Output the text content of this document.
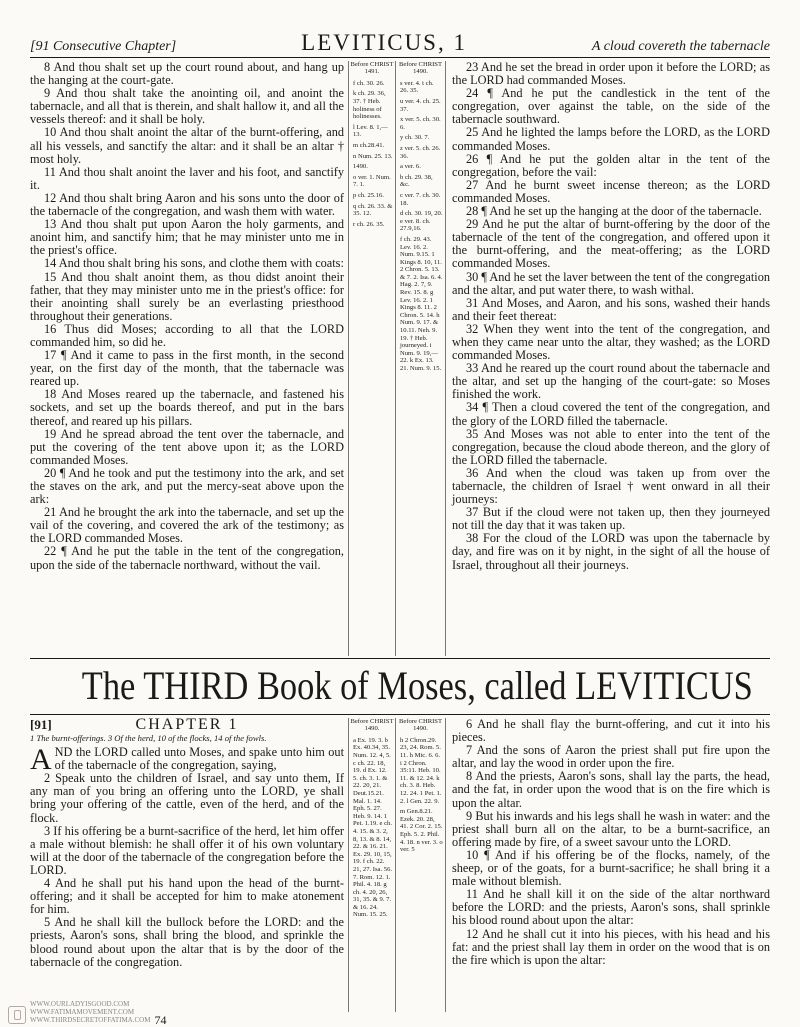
[91 Consecutive Chapter]	LEVITICUS, 1	A cloud covereth the tabernacle

8 And thou shalt set up the court round about, and hang up the hanging at the court-gate.

9 And thou shalt take the anointing oil, and anoint the tabernacle, and all that is therein, and shalt hallow it, and all the vessels thereof: and it shall be holy.

10 And thou shalt anoint the altar of the burnt-offering, and all his vessels, and sanctify the altar: and it shall be an altar † most holy.

11 And thou shalt anoint the laver and his foot, and sanctify it.

12 And thou shalt bring Aaron and his sons unto the door of the tabernacle of the congregation, and wash them with water.

13 And thou shalt put upon Aaron the holy garments, and anoint him, and sanctify him; that he may minister unto me in the priest's office.

14 And thou shalt bring his sons, and clothe them with coats:

15 And thou shalt anoint them, as thou didst anoint their father, that they may minister unto me in the priest's office: for their anointing shall surely be an everlasting priesthood throughout their generations.

16 Thus did Moses; according to all that the LORD commanded him, so did he.

17 ¶ And it came to pass in the first month, in the second year, on the first day of the month, that the tabernacle was reared up.

18 And Moses reared up the tabernacle, and fastened his sockets, and set up the boards thereof, and put in the bars thereof, and reared up his pillars.

19 And he spread abroad the tent over the tabernacle, and put the covering of the tent above upon it; as the LORD commanded Moses.

20 ¶ And he took and put the testimony into the ark, and set the staves on the ark, and put the mercy-seat above upon the ark:

21 And he brought the ark into the tabernacle, and set up the vail of the covering, and covered the ark of the testimony; as the LORD commanded Moses.

22 ¶ And he put the table in the tent of the congregation, upon the side of the tabernacle northward, without the vail.

Before CHRIST 1491.
f ch. 30. 26.
k ch. 29. 36, 37. † Heb. holiness of holinesses.
l Lev. 8. 1,—13.
m ch.28.41.
n Num. 25. 13.
1490.
o ver. 1. Num. 7. 1.
p ch. 25.16.
q ch. 26. 33. & 35. 12.
r ch. 26. 35.
Before CHRIST 1490.
s ver. 4. t ch. 26. 35.
u ver. 4. ch. 25. 37.
x ver. 5. ch. 30. 6.
y ch. 30. 7.
z ver. 5. ch. 26. 36.
a ver. 6.
b ch. 29. 38, &c.
c ver. 7. ch. 30. 18.
d ch. 30. 19, 20. e ver. 8. ch. 27.9,16.
f ch. 29. 43. Lev. 16. 2. Num. 9.15. 1 Kings 8. 10, 11. 2 Chron. 5. 13. & 7. 2. Isa. 6. 4. Hag. 2. 7, 9. Rev. 15. 8. g Lev. 16. 2. 1 Kings 8. 11. 2 Chron. 5. 14. h Num. 9. 17. & 10.11. Neh. 9. 19. † Heb. journeyed. i Num. 9. 19,—22. k Ex. 13. 21. Num. 9. 15.

23 And he set the bread in order upon it before the LORD; as the LORD had commanded Moses.

24 ¶ And he put the candlestick in the tent of the congregation, over against the table, on the side of the tabernacle southward.

25 And he lighted the lamps before the LORD, as the LORD commanded Moses.

26 ¶ And he put the golden altar in the tent of the congregation, before the vail:

27 And he burnt sweet incense thereon; as the LORD commanded Moses.

28 ¶ And he set up the hanging at the door of the tabernacle.

29 And he put the altar of burnt-offering by the door of the tabernacle of the tent of the congregation, and offered upon it the burnt-offering, and the meat-offering; as the LORD commanded Moses.

30 ¶ And he set the laver between the tent of the congregation and the altar, and put water there, to wash withal.

31 And Moses, and Aaron, and his sons, washed their hands and their feet thereat:

32 When they went into the tent of the congregation, and when they came near unto the altar, they washed; as the LORD commanded Moses.

33 And he reared up the court round about the tabernacle and the altar, and set up the hanging of the court-gate: so Moses finished the work.

34 ¶ Then a cloud covered the tent of the congregation, and the glory of the LORD filled the tabernacle.

35 And Moses was not able to enter into the tent of the congregation, because the cloud abode thereon, and the glory of the LORD filled the tabernacle.

36 And when the cloud was taken up from over the tabernacle, the children of Israel † went onward in all their journeys:

37 But if the cloud were not taken up, then they journeyed not till the day that it was taken up.

38 For the cloud of the LORD was upon the tabernacle by day, and fire was on it by night, in the sight of all the house of Israel, throughout all their journeys.

The THIRD Book of Moses, called LEVITICUS
[91]	CHAPTER 1
1 The burnt-offerings. 3 Of the herd, 10 of the flocks, 14 of the fowls.

AND the LORD called unto Moses, and spake unto him out of the tabernacle of the congregation, saying,

2 Speak unto the children of Israel, and say unto them, If any man of you bring an offering unto the LORD, ye shall bring your offering of the cattle, even of the herd, and of the flock.

3 If his offering be a burnt-sacrifice of the herd, let him offer a male without blemish: he shall offer it of his own voluntary will at the door of the tabernacle of the congregation before the LORD.

4 And he shall put his hand upon the head of the burnt-offering; and it shall be accepted for him to make atonement for him.

5 And he shall kill the bullock before the LORD: and the priests, Aaron's sons, shall bring the blood, and sprinkle the blood round about upon the altar that is by the door of the tabernacle of the congregation.

Before CHRIST 1490.
a Ex. 19. 3. b Ex. 40.34, 35. Num. 12. 4, 5. c ch. 22. 18, 19. d Ex. 12. 5. ch. 3. 1. & 22. 20, 21. Deut.15.21. Mal. 1. 14. Eph. 5. 27. Heb. 9. 14. 1 Pet. 1.19. e ch. 4. 15. & 3. 2, 8, 13. & 8. 14, 22. & 16. 21. Ex. 29. 10, 15, 19. f ch. 22. 21, 27. Isa. 56. 7. Rom. 12. 1. Phil. 4. 18. g ch. 4. 20, 26, 31, 35. & 9. 7. & 16. 24. Num. 15. 25.
Before CHRIST 1490.
h 2 Chron.29. 23, 24. Rom. 5. 11. h Mic. 6. 6. i 2 Chron. 35:11. Heb. 10. 11. & 12. 24. k ch. 3. 8. Heb. 12. 24. 1 Pet. 1. 2. l Gen. 22. 9.
m Gen.8.21. Ezek. 20. 28, 41. 2 Cor. 2. 15. Eph. 5. 2. Phil. 4. 18. n ver. 3. o ver. 5

6 And he shall flay the burnt-offering, and cut it into his pieces.

7 And the sons of Aaron the priest shall put fire upon the altar, and lay the wood in order upon the fire.

8 And the priests, Aaron's sons, shall lay the parts, the head, and the fat, in order upon the wood that is on the fire which is upon the altar.

9 But his inwards and his legs shall he wash in water: and the priest shall burn all on the altar, to be a burnt-sacrifice, an offering made by fire, of a sweet savour unto the LORD.

10 ¶ And if his offering be of the flocks, namely, of the sheep, or of the goats, for a burnt-sacrifice; he shall bring it a male without blemish.

11 And he shall kill it on the side of the altar northward before the LORD: and the priests, Aaron's sons, shall sprinkle his blood round about upon the altar:

12 And he shall cut it into his pieces, with his head and his fat: and the priest shall lay them in order on the wood that is on the fire which is upon the altar:

WWW.OURLADYISGOOD.COM
WWW.FATIMAMOVEMENT.COM
WWW.THIRDSECRETOFFATIMA.COM 74
